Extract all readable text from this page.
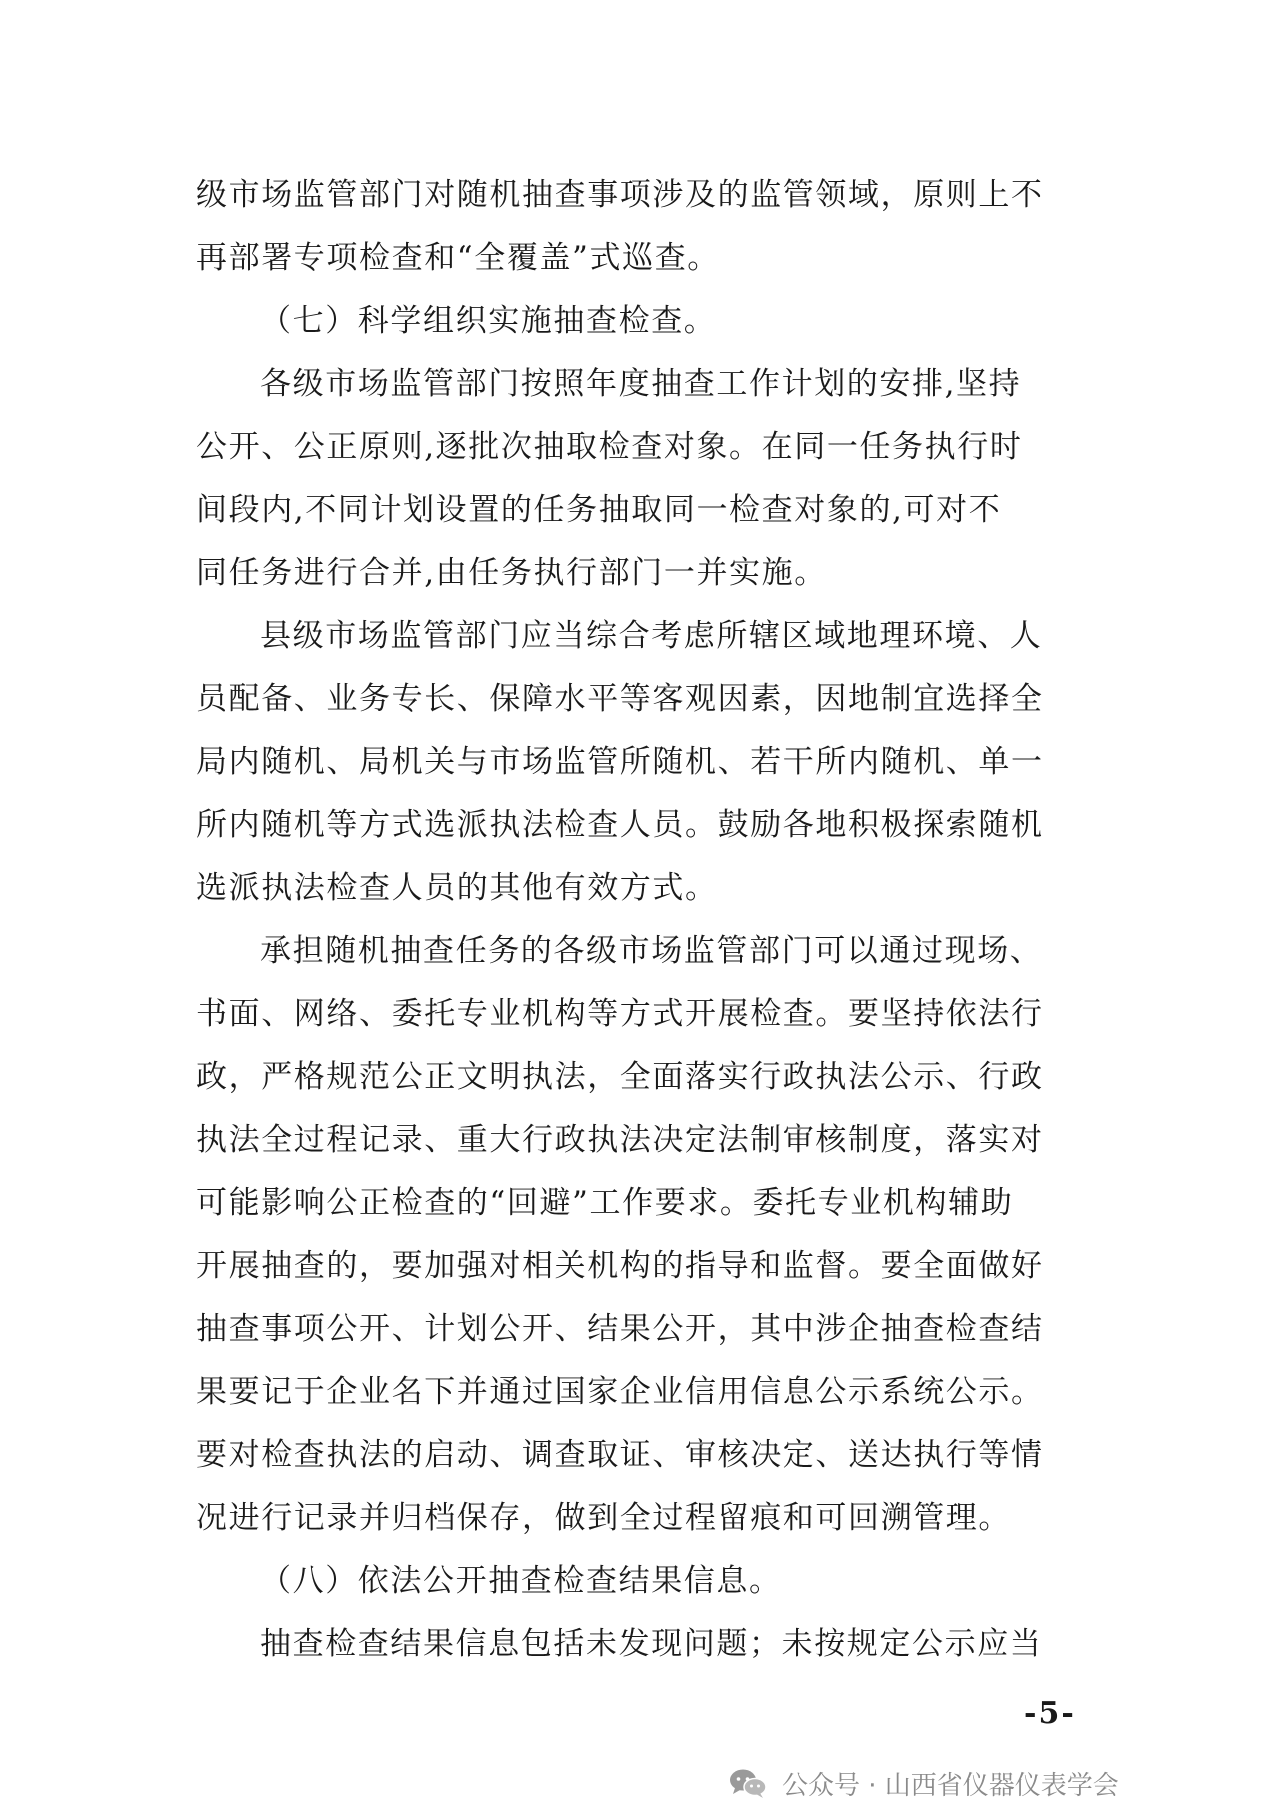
级市场监管部门对随机抽查事项涉及的监管领域，原则上不
再部署专项检查和“全覆盖”式巡查。
（七）科学组织实施抽查检查。
各级市场监管部门按照年度抽查工作计划的安排,坚持
公开、公正原则,逐批次抽取检查对象。在同一任务执行时
间段内,不同计划设置的任务抽取同一检查对象的,可对不
同任务进行合并,由任务执行部门一并实施。
县级市场监管部门应当综合考虑所辖区域地理环境、人
员配备、业务专长、保障水平等客观因素，因地制宜选择全
局内随机、局机关与市场监管所随机、若干所内随机、单一
所内随机等方式选派执法检查人员。鼓励各地积极探索随机
选派执法检查人员的其他有效方式。
承担随机抽查任务的各级市场监管部门可以通过现场、
书面、网络、委托专业机构等方式开展检查。要坚持依法行
政，严格规范公正文明执法，全面落实行政执法公示、行政
执法全过程记录、重大行政执法决定法制审核制度，落实对
可能影响公正检查的“回避”工作要求。委托专业机构辅助
开展抽查的，要加强对相关机构的指导和监督。要全面做好
抽查事项公开、计划公开、结果公开，其中涉企抽查检查结
果要记于企业名下并通过国家企业信用信息公示系统公示。
要对检查执法的启动、调查取证、审核决定、送达执行等情
况进行记录并归档保存，做到全过程留痕和可回溯管理。
（八）依法公开抽查检查结果信息。
抽查检查结果信息包括未发现问题；未按规定公示应当
-5-
公众号 · 山西省仪器仪表学会
